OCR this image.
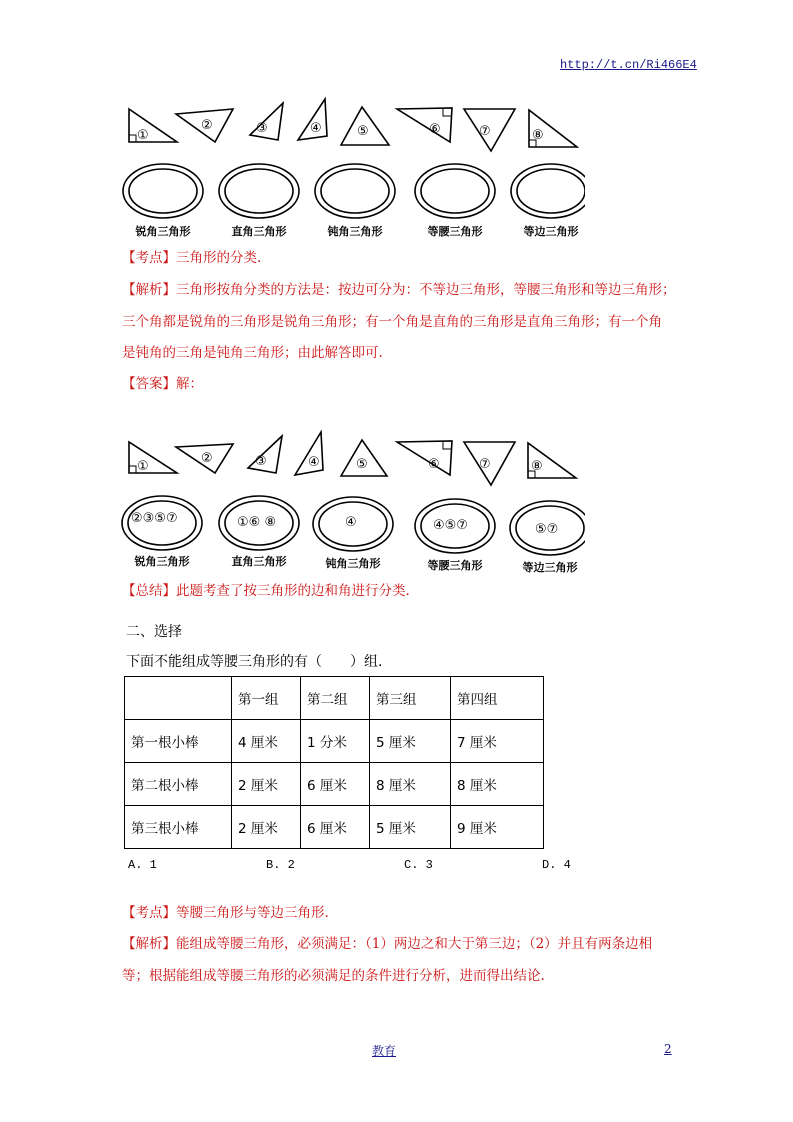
http://t.cn/Ri466E4
①
②	③	④	⑤	⑥	⑦	⑧
锐角三角形	直角三角形	钝角三角形	等腰三角形	等边三角形
【考点】三角形的分类.
【解析】三角形按角分类的方法是：按边可分为：不等边三角形，等腰三角形和等边三角形；
三个角都是锐角的三角形是锐角三角形；有一个角是直角的三角形是直角三角形；有一个角
是钝角的三角是钝角三角形；由此解答即可.
【答案】解：
①
②	③	④	⑤	⑥	⑦	⑧
②③⑤⑦	①⑥ ⑧	④	④⑤⑦	⑤⑦
锐角三角形	直角三角形	钝角三角形	等腰三角形	等边三角形
【总结】此题考查了按三角形的边和角进行分类.
二、选择
下面不能组成等腰三角形的有（　　）组.
	第一组	第二组	第三组	第四组
第一根小棒	4 厘米	1 分米	5 厘米	7 厘米
第二根小棒	2 厘米	6 厘米	8 厘米	8 厘米
第三根小棒	2 厘米	6 厘米	5 厘米	9 厘米
A. 1	B. 2	C. 3	D. 4
【考点】等腰三角形与等边三角形.
【解析】能组成等腰三角形，必须满足：（1）两边之和大于第三边；（2）并且有两条边相
等；根据能组成等腰三角形的必须满足的条件进行分析，进而得出结论.
教育	2
